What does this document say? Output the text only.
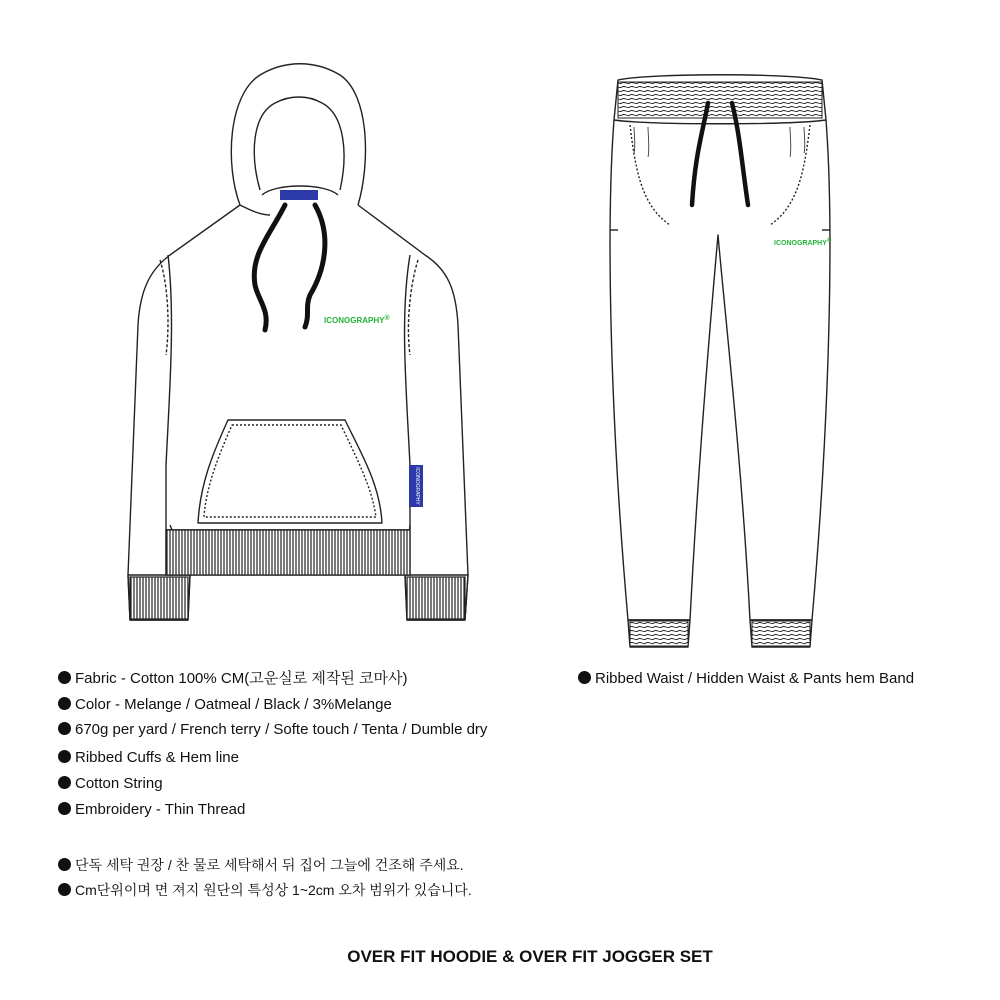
ICONOGRAPHY
ICONOGRAPHY®
ICONOGRAPHY®
Fabric - Cotton 100% CM(고운실로 제작된 코마사)
Color - Melange / Oatmeal / Black / 3%Melange
670g per yard / French terry / Softe touch / Tenta / Dumble dry
Ribbed Cuffs & Hem line
Cotton String
Embroidery - Thin Thread
Ribbed Waist / Hidden Waist & Pants hem Band
단독 세탁 권장 / 찬 물로 세탁해서 뒤 집어 그늘에 건조해 주세요.
Cm단위이며 면 져지 원단의 특성상 1~2cm 오차 범위가 있습니다.
OVER FIT HOODIE & OVER FIT JOGGER SET
